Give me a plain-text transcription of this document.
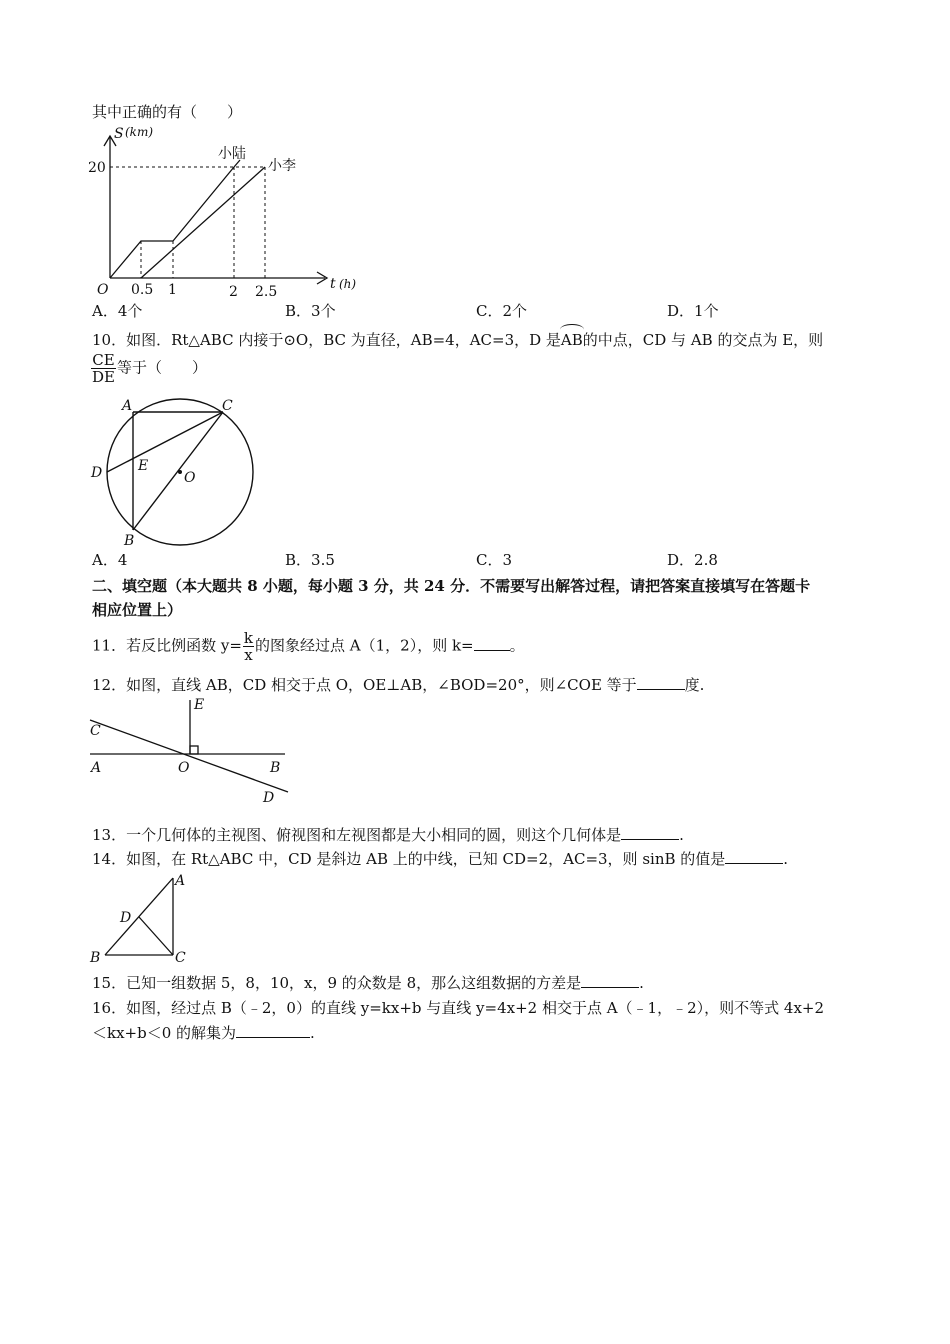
其中正确的有（　　）
S (km)
t (h)
O
20
0.5 1	2 2.5
小陆
小李
A．4个	B．3个	C．2个	D．1个
10．如图．Rt△ABC 内接于⊙O，BC 为直径，AB=4，AC=3，D 是AB的中点，CD 与 AB 的交点为 E，则
$\frac{CE}{DE}$ 等于（　　）
A	C
D	E
O
B
A．4	B．3.5	C．3	D．2.8
二、填空题（本大题共 8 小题，每小题 3 分，共 24 分．不需要写出解答过程，请把答案直接填写在答题卡
相应位置上）
11．若反比例函数 $y= \frac{k}{x}$ 的图象经过点 A（1，2），则 k= 。
12．如图，直线 AB，CD 相交于点 O，OE⊥AB，∠BOD=20°，则∠COE 等于	度.
E
C
A	O	B
D
13．一个几何体的主视图、俯视图和左视图都是大小相同的圆，则这个几何体是	.
14．如图，在 Rt△ABC 中，CD 是斜边 AB 上的中线，已知 CD=2，AC=3，则 sinB 的值是	.
A
D
B	C
15．已知一组数据 5，8，10，x，9 的众数是 8，那么这组数据的方差是	.
16．如图，经过点 B（﹣2，0）的直线 y=kx+b 与直线 y=4x+2 相交于点 A（﹣1，﹣2），则不等式 4x+2
＜kx+b＜0 的解集为	.
